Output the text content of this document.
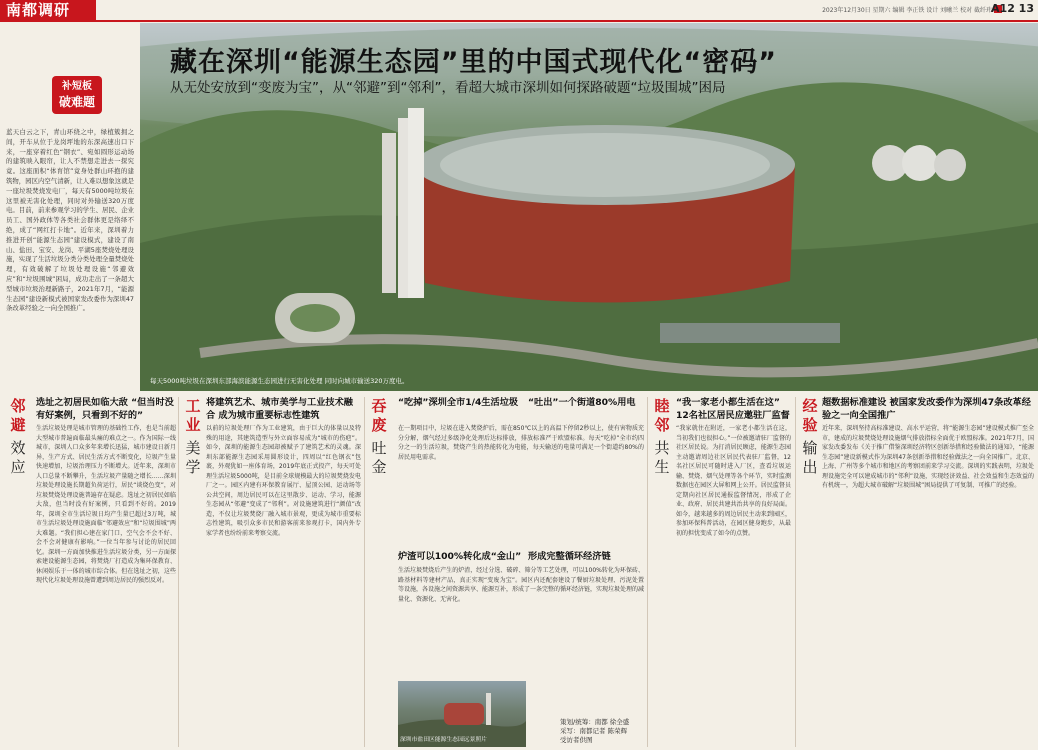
南都调研	2023年12月30日 星期六 编辑 李正铁 设计 刘曦兰 校对 截纤玮 A12 13
每天5000吨垃圾在深圳东部海滨能源生态园进行无害化处理 同时向城市输送320万度电。
藏在深圳“能源生态园”里的中国式现代化“密码”
从无处安放到“变废为宝”，从“邻避”到“邻利”，看超大城市深圳如何探路破题“垃圾围城”困局
补短板
破难题
蓝天白云之下，青山环绕之中，绿植簇拥之间，开车从位于龙岗坪地的东深高速出口下来，一座穿着红色“钢衣”、宛如圆形运动场的建筑映入眼帘，让人不禁想走进去一探究竟。这座面积“体育馆”竟身处群山环抱的建筑物，园区内空气清新，让人难以想象这就是一座垃圾焚烧发电厂，每天有5000吨垃圾在这里被无害化处理，同时对外输送320万度电。目前，前来参观学习的学生、居民、企业员工、国外政体等各类社会群体更是络绎不绝，成了“网红打卡地”。近年来，深圳着力推进开创“能源生态园”建设模式，建设了南山、盐田、宝安、龙岗、平湖5座焚烧处理设施，实现了生活垃圾分类分类处理全量焚烧处理，有效破解了垃圾处理设施“邻避效应”和“垃圾围城”困局，成功走出了一条超大型城市垃圾治理新路子，2021年7月，“能源生态园”建设新模式被国家发改委作为深圳47条改革经验之一向全国推广。
邻避
效应
选址之初居民如临大敌 “但当时没有好案例，只看到不好的”
生活垃圾处理是城市管理的基础性工作，也是当前超大型城市普遍面临最头痛的难点之一。作为国际一线城市，深圳人口众多年来增长迅猛，城市建设日新月异，生产方式、居民生活方式不断变化，垃圾产生量快速增加，垃圾治理压力不断增大。近年来，深圳市人口总量不断攀升，生活垃圾产量随之增长……深圳垃圾处理设施长期超负荷运行，居民“谈烧色变”，对垃圾焚烧处理设施普遍存在疑虑。选址之初居民如临大敌，但当时没有好案例，只看到不好的。2019年，深圳全市生活垃圾日均产生量已超过3万吨，城市生活垃圾处理设施面临“邻避效应”和“垃圾围城”两大难题。“我们担心建在家门口，空气会不会不好、会不会对健康有影响。”一位当年参与讨论的居民回忆。深圳一方面加快推进生活垃圾分类，另一方面探索建设能源生态园，将焚烧厂打造成为集环保教育、休闲娱乐于一体的城市综合体。但在选址之初，这些现代化垃圾处理设施曾遭到周边居民的强烈反对。
工业
美学
将建筑艺术、城市美学与工业技术融合 成为城市重要标志性建筑
以前的垃圾处理厂作为工业建筑，由于巨大的体量以及特殊的用途，其建筑造型与外立面容易成为“城市的伤疤”。如今，深圳的能源生态园却被赋予了建筑艺术的灵魂。深圳东部能源生态园采用圆形设计，四周以“红色钢衣”包裹，外观犹如一座体育场，2019年底正式投产，每天可处理生活垃圾5000吨，是目前全球规模最大的垃圾焚烧发电厂之一。园区内建有环保教育展厅、屋顶公园、运动场等公共空间，周边居民可以在这里散步、运动、学习，能源生态园从“邻避”变成了“邻利”。对设施建筑进行“颜值”改造，不仅让垃圾焚烧厂融入城市景观，更成为城市重要标志性建筑，吸引众多市民和游客前来参观打卡，国内外专家学者也纷纷前来考察交流。
吞废
吐金
“吃掉”深圳全市1/4生活垃圾	“吐出”一个街道80%用电
在一期项目中，垃圾在进入焚烧炉后，需在850℃以上的高温下停留2秒以上，使有害物质充分分解，烟气经过多级净化处理后达标排放，排放标准严于欧盟标准。每天“吃掉”全市约四分之一的生活垃圾，焚烧产生的热能转化为电能，每天输送的电量可满足一个街道约80%的居民用电需求。
炉渣可以100%转化成“金山” 形成完整循环经济链
生活垃圾焚烧后产生的炉渣，经过分选、破碎、筛分等工艺处理，可以100%转化为环保砖、路基材料等建材产品，真正实现“变废为宝”。园区内还配套建设了餐厨垃圾处理、污泥处置等设施，各设施之间资源共享、能源互补，形成了一条完整的循环经济链，实现垃圾处理的减量化、资源化、无害化。
深圳市盐田区能源生态园远景照片
睦邻
共生
“我一家老小都生活在这” 12名社区居民应邀驻厂监督
“我家就住在附近，一家老小都生活在这，当初我们也很担心。”一位被邀请驻厂监督的社区居民说。为打消居民顾虑，能源生态园主动邀请周边社区居民代表驻厂监督，12名社区居民可随时进入厂区，查看垃圾运输、焚烧、烟气处理等各个环节，实时监测数据也在园区大屏和网上公开。居民监督员定期向社区居民通报监督情况，形成了企业、政府、居民共建共治共享的良好局面。如今，越来越多的周边居民主动来到园区，参加环保科普活动，在园区健身跑步，从最初的担忧变成了如今的点赞。
策划/统筹：南都 徐全盛
采写：南都记者 陈荣辉
受访者供图
经验
输出
超数据标准建设 被国家发改委作为深圳47条改革经验之一向全国推广
近年来，深圳坚持高标准建设、高水平运营，将“能源生态园”建设模式推广至全市，建成的垃圾焚烧处理设施烟气排放指标全面优于欧盟标准。2021年7月，国家发改委发布《关于推广借鉴深圳经济特区创新举措和经验做法的通知》，“能源生态园”建设新模式作为深圳47条创新举措和经验做法之一向全国推广。北京、上海、广州等多个城市和地区的考察团前来学习交流。深圳的实践表明，垃圾处理设施完全可以建成城市的“邻利”设施，实现经济效益、社会效益和生态效益的有机统一，为超大城市破解“垃圾围城”困局提供了可复制、可推广的经验。
